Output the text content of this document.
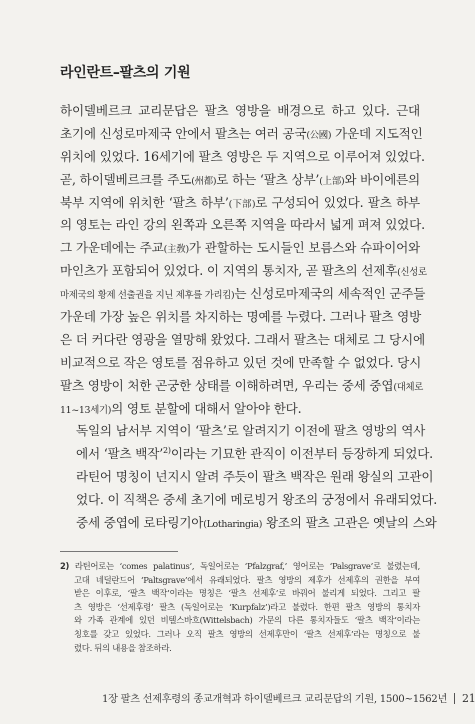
라인란트–팔츠의 기원
하이델베르크 교리문답은 팔츠 영방을 배경으로 하고 있다. 근대
초기에 신성로마제국 안에서 팔츠는 여러 공국(公國) 가운데 지도적인
위치에 있었다. 16세기에 팔츠 영방은 두 지역으로 이루어져 있었다.
곧, 하이델베르크를 주도(州都)로 하는 ‘팔츠 상부’(上部)와 바이에른의
북부 지역에 위치한 ‘팔츠 하부’(下部)로 구성되어 있었다. 팔츠 하부
의 영토는 라인 강의 왼쪽과 오른쪽 지역을 따라서 넓게 펴져 있었다.
그 가운데에는 주교(主敎)가 관할하는 도시들인 보름스와 슈파이어와
마인츠가 포함되어 있었다. 이 지역의 통치자, 곧 팔츠의 선제후(신성로
마제국의 황제 선출권을 지닌 제후를 가리킴)는 신성로마제국의 세속적인 군주들
가운데 가장 높은 위치를 차지하는 명예를 누렸다. 그러나 팔츠 영방
은 더 커다란 영광을 열망해 왔었다. 그래서 팔츠는 대체로 그 당시에
비교적으로 작은 영토를 점유하고 있던 것에 만족할 수 없었다. 당시
팔츠 영방이 처한 곤궁한 상태를 이해하려면, 우리는 중세 중엽(대체로
11~13세기)의 영토 분할에 대해서 알아야 한다.
독일의 남서부 지역이 ‘팔츠’로 알려지기 이전에 팔츠 영방의 역사
에서 ‘팔츠 백작’$^{2)}$이라는 기묘한 관직이 이전부터 등장하게 되었다.
라틴어 명칭이 넌지시 알려 주듯이 팔츠 백작은 원래 왕실의 고관이
었다. 이 직책은 중세 초기에 메로빙거 왕조의 궁정에서 유래되었다.
중세 중엽에 로타링기아(Lotharingia) 왕조의 팔츠 고관은 옛날의 스와
2) 라틴어로는 ‘comes palatinus’, 독일어로는 ‘Pfalzgraf,’ 영어로는 ‘Palsgrave’로 불렸는데,
고대 네덜란드어 ‘Paltsgrave’에서 유래되었다. 팔츠 영방의 제후가 선제후의 권한을 부여
받은 이후로, ‘팔츠 백작’이라는 명칭은 ‘팔츠 선제후’로 바꿔어 불리게 되었다. 그리고 팔
츠 영방은 ‘선제후령’ 팔츠 (독일어로는 ‘Kurpfalz’)라고 불렸다. 한편 팔츠 영방의 통치자
와 가족 관계에 있던 비텔스바흐(Wittelsbach) 가문의 다른 통치자들도 ‘팔츠 백작’이라는
칭호를 갖고 있었다. 그러나 오직 팔츠 영방의 선제후만이 ‘팔츠 선제후’라는 명칭으로 불
렸다. 뒤의 내용을 참조하라.
1장 팔츠 선제후령의 종교개혁과 하이델베르크 교리문답의 기원, 1500~1562년 21
